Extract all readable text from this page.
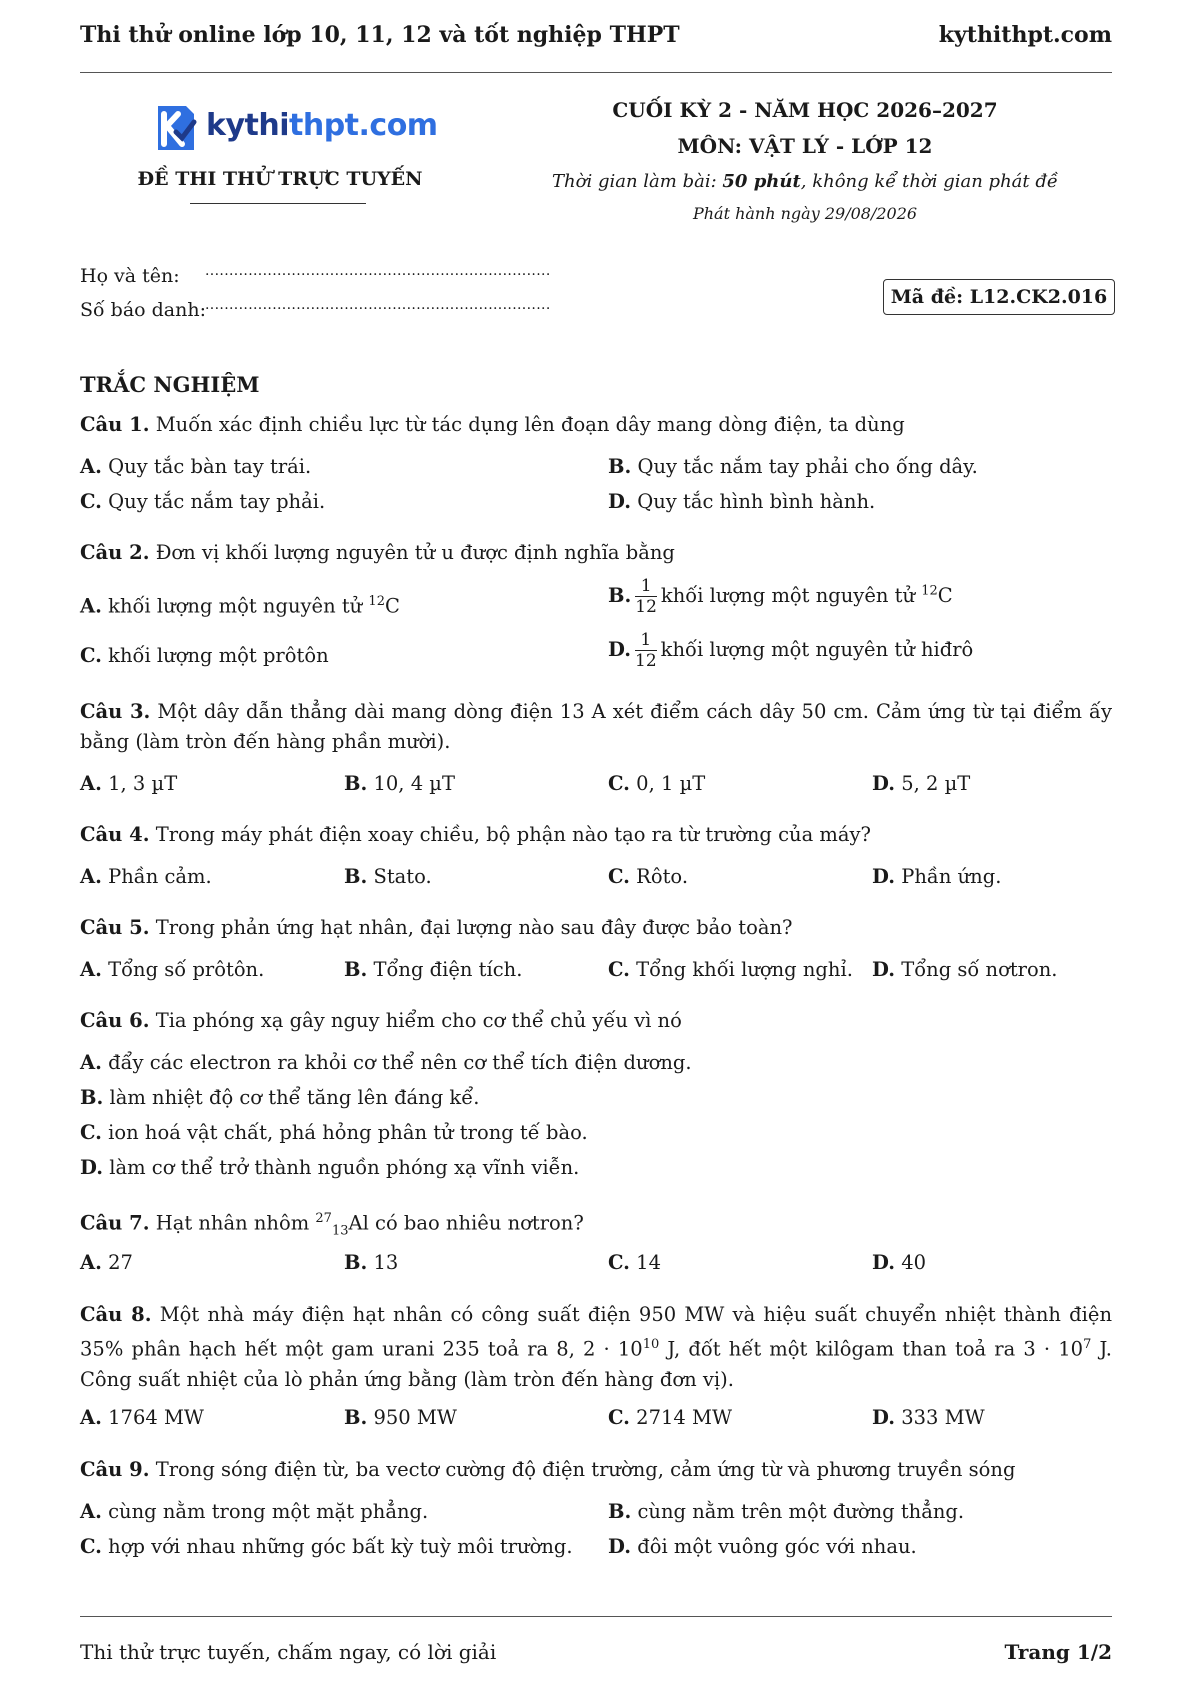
Thi thử online lớp 10, 11, 12 và tốt nghiệp THPT	kythithpt.com
kythithpt.com
ĐỀ THI THỬ TRỰC TUYẾN
CUỐI KỲ 2 - NĂM HỌC 2026–2027
MÔN: VẬT LÝ - LỚP 12
Thời gian làm bài: 50 phút, không kể thời gian phát đề
Phát hành ngày 29/08/2026
Họ và tên: ........................................................................
Số báo danh:
........................................................................	Mã đề: L12.CK2.016
TRẮC NGHIỆM
Câu 1. Muốn xác định chiều lực từ tác dụng lên đoạn dây mang dòng điện, ta dùng
A. Quy tắc bàn tay trái.	B. Quy tắc nắm tay phải cho ống dây.
C. Quy tắc nắm tay phải.	D. Quy tắc hình bình hành.
Câu 2. Đơn vị khối lượng nguyên tử u được định nghĩa bằng
A. khối lượng một nguyên tử $^{12}$C	B. $\frac{1}{12}$ khối lượng một nguyên tử $^{12}$C
C. khối lượng một prôtôn	D. $\frac{1}{12}$ khối lượng một nguyên tử hiđrô
Câu 3. Một dây dẫn thẳng dài mang dòng điện 13 A xét điểm cách dây 50 cm. Cảm ứng từ tại điểm ấy bằng (làm tròn đến hàng phần mười).
A. 1, 3 µT	B. 10, 4 µT	C. 0, 1 µT	D. 5, 2 µT
Câu 4. Trong máy phát điện xoay chiều, bộ phận nào tạo ra từ trường của máy?
A. Phần cảm.	B. Stato.	C. Rôto.	D. Phần ứng.
Câu 5. Trong phản ứng hạt nhân, đại lượng nào sau đây được bảo toàn?
A. Tổng số prôtôn.	B. Tổng điện tích.	C. Tổng khối lượng nghỉ. D. Tổng số nơtron.
Câu 6. Tia phóng xạ gây nguy hiểm cho cơ thể chủ yếu vì nó
A. đẩy các electron ra khỏi cơ thể nên cơ thể tích điện dương.
B. làm nhiệt độ cơ thể tăng lên đáng kể.
C. ion hoá vật chất, phá hỏng phân tử trong tế bào.
D. làm cơ thể trở thành nguồn phóng xạ vĩnh viễn.
Câu 7. Hạt nhân nhôm $^{27}_{13}$Al có bao nhiêu nơtron?
A. 27	B. 13	C. 14	D. 40
Câu 8. Một nhà máy điện hạt nhân có công suất điện 950 MW và hiệu suất chuyển nhiệt thành điện 35% phân hạch hết một gam urani 235 toả ra 8, $2 \cdot 10^{10}$ J, đốt hết một kilôgam than toả ra $3 \cdot 10^7$ J. Công suất nhiệt của lò phản ứng bằng (làm tròn đến hàng đơn vị).
A. 1764 MW	B. 950 MW	C. 2714 MW	D. 333 MW
Câu 9. Trong sóng điện từ, ba vectơ cường độ điện trường, cảm ứng từ và phương truyền sóng
A. cùng nằm trong một mặt phẳng.	B. cùng nằm trên một đường thẳng.
C. hợp với nhau những góc bất kỳ tuỳ môi trường. D. đôi một vuông góc với nhau.
Thi thử trực tuyến, chấm ngay, có lời giải	Trang 1/2
